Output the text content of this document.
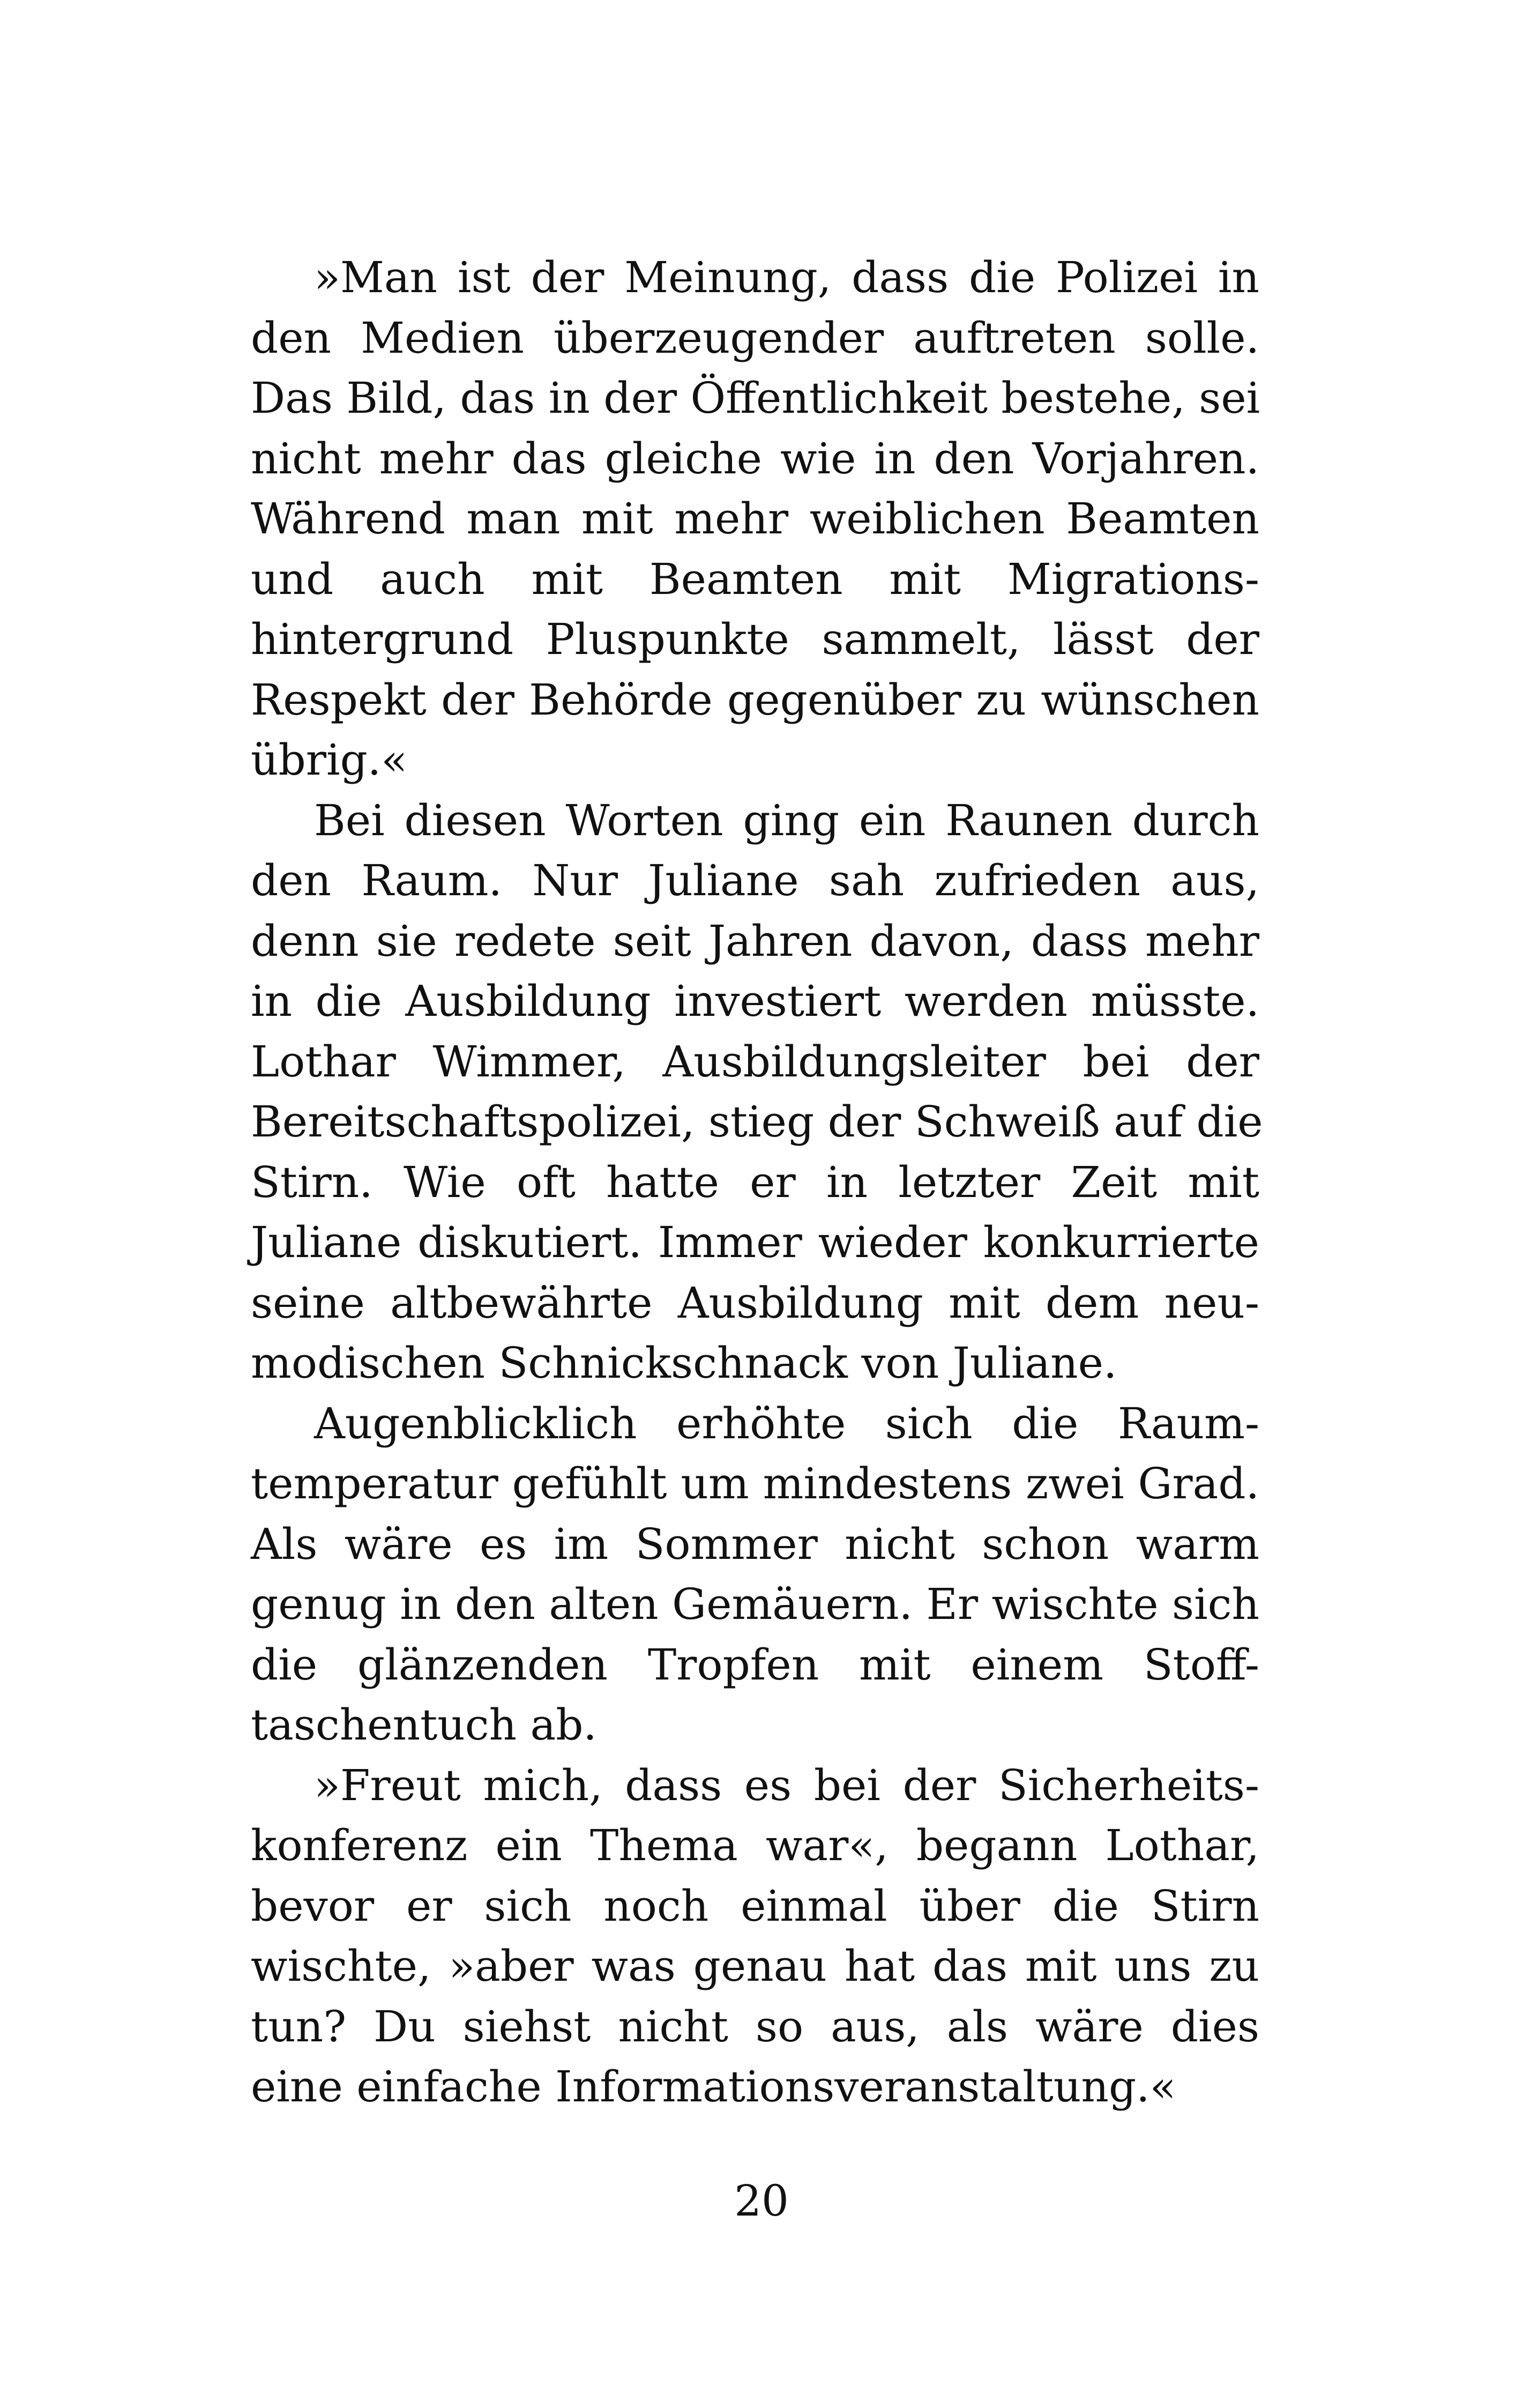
»Man ist der Meinung, dass die Polizei in
den Medien überzeugender auftreten solle.
Das Bild, das in der Öffentlichkeit bestehe, sei
nicht mehr das gleiche wie in den Vorjahren.
Während man mit mehr weiblichen Beamten
und auch mit Beamten mit Migrations-
hintergrund Pluspunkte sammelt, lässt der
Respekt der Behörde gegenüber zu wünschen
übrig.«
Bei diesen Worten ging ein Raunen durch
den Raum. Nur Juliane sah zufrieden aus,
denn sie redete seit Jahren davon, dass mehr
in die Ausbildung investiert werden müsste.
Lothar Wimmer, Ausbildungsleiter bei der
Bereitschaftspolizei, stieg der Schweiß auf die
Stirn. Wie oft hatte er in letzter Zeit mit
Juliane diskutiert. Immer wieder konkurrierte
seine altbewährte Ausbildung mit dem neu-
modischen Schnickschnack von Juliane.
Augenblicklich erhöhte sich die Raum-
temperatur gefühlt um mindestens zwei Grad.
Als wäre es im Sommer nicht schon warm
genug in den alten Gemäuern. Er wischte sich
die glänzenden Tropfen mit einem Stoff-
taschentuch ab.
»Freut mich, dass es bei der Sicherheits-
konferenz ein Thema war«, begann Lothar,
bevor er sich noch einmal über die Stirn
wischte, »aber was genau hat das mit uns zu
tun? Du siehst nicht so aus, als wäre dies
eine einfache Informationsveranstaltung.«
20
